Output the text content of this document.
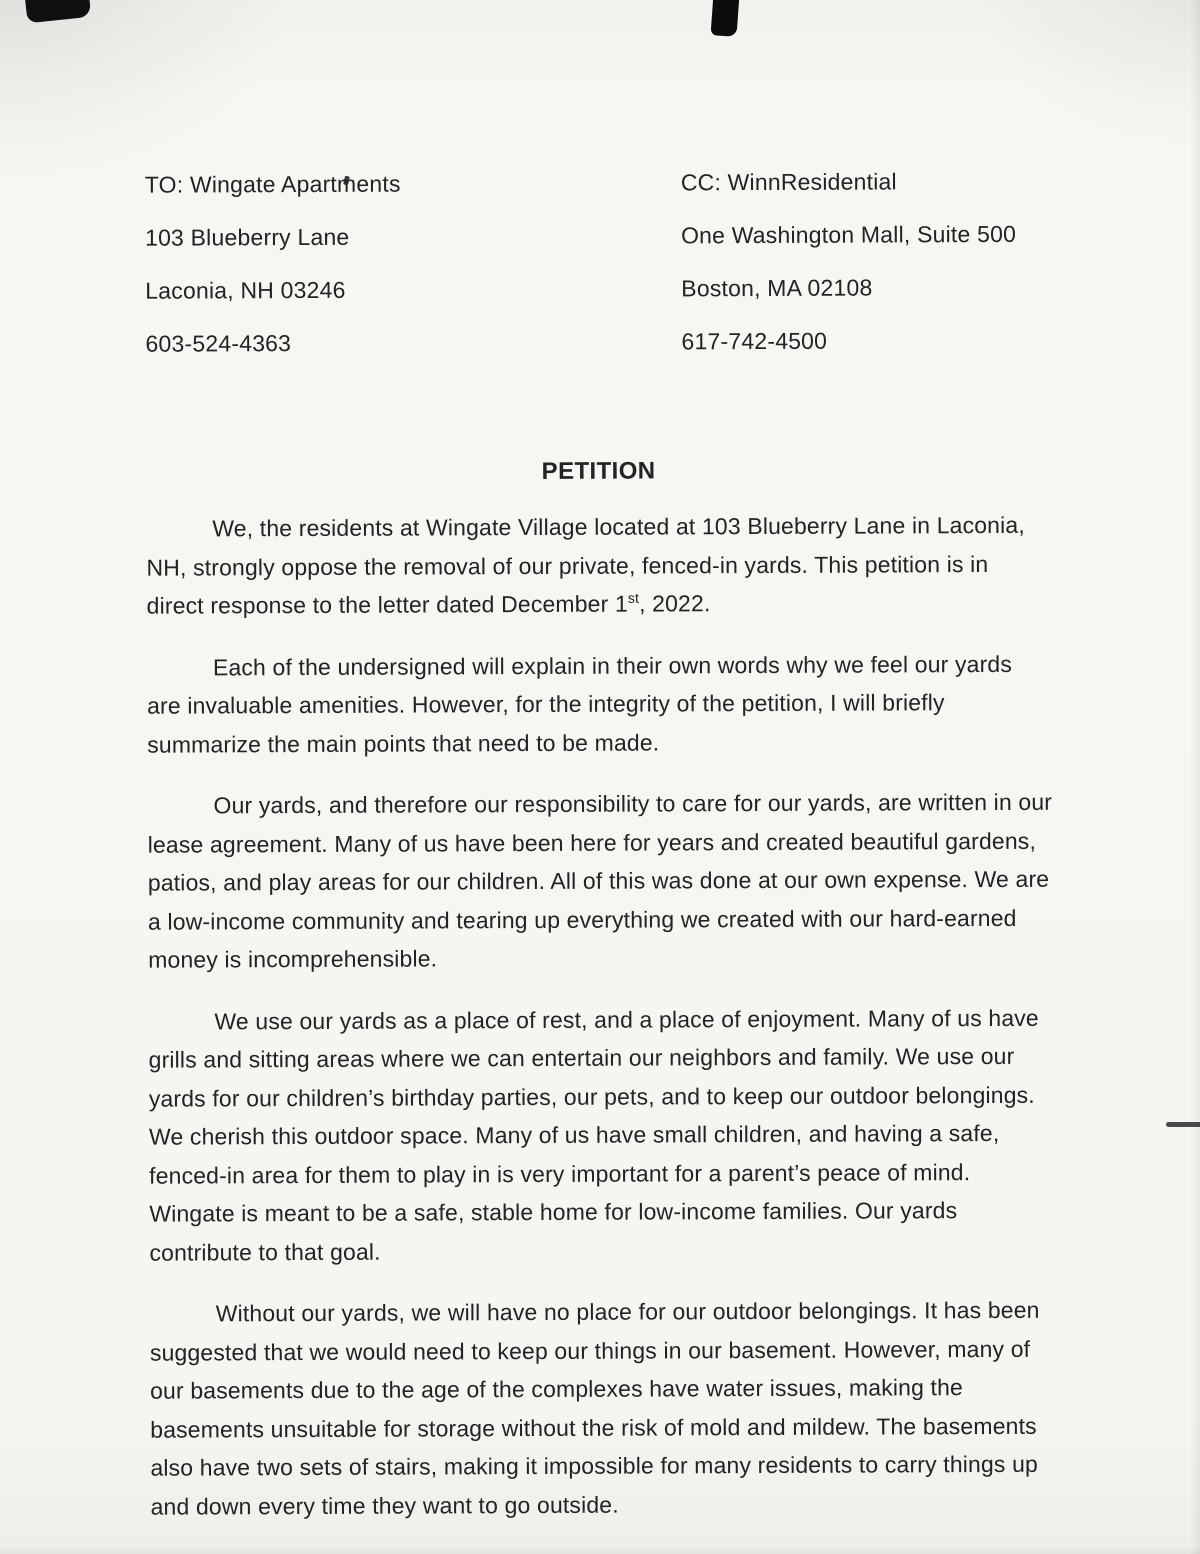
TO: Wingate Apartments

103 Blueberry Lane

Laconia, NH 03246

603-524-4363

CC: WinnResidential

One Washington Mall, Suite 500

Boston, MA 02108

617-742-4500

PETITION

We, the residents at Wingate Village located at 103 Blueberry Lane in Laconia, NH, strongly oppose the removal of our private, fenced-in yards. This petition is in direct response to the letter dated December 1st, 2022.

Each of the undersigned will explain in their own words why we feel our yards are invaluable amenities. However, for the integrity of the petition, I will briefly summarize the main points that need to be made.

Our yards, and therefore our responsibility to care for our yards, are written in our lease agreement. Many of us have been here for years and created beautiful gardens, patios, and play areas for our children. All of this was done at our own expense. We are a low-income community and tearing up everything we created with our hard-earned money is incomprehensible.

We use our yards as a place of rest, and a place of enjoyment. Many of us have grills and sitting areas where we can entertain our neighbors and family. We use our yards for our children’s birthday parties, our pets, and to keep our outdoor belongings. We cherish this outdoor space. Many of us have small children, and having a safe, fenced-in area for them to play in is very important for a parent’s peace of mind. Wingate is meant to be a safe, stable home for low-income families. Our yards contribute to that goal.

Without our yards, we will have no place for our outdoor belongings. It has been suggested that we would need to keep our things in our basement. However, many of our basements due to the age of the complexes have water issues, making the basements unsuitable for storage without the risk of mold and mildew. The basements also have two sets of stairs, making it impossible for many residents to carry things up and down every time they want to go outside.
